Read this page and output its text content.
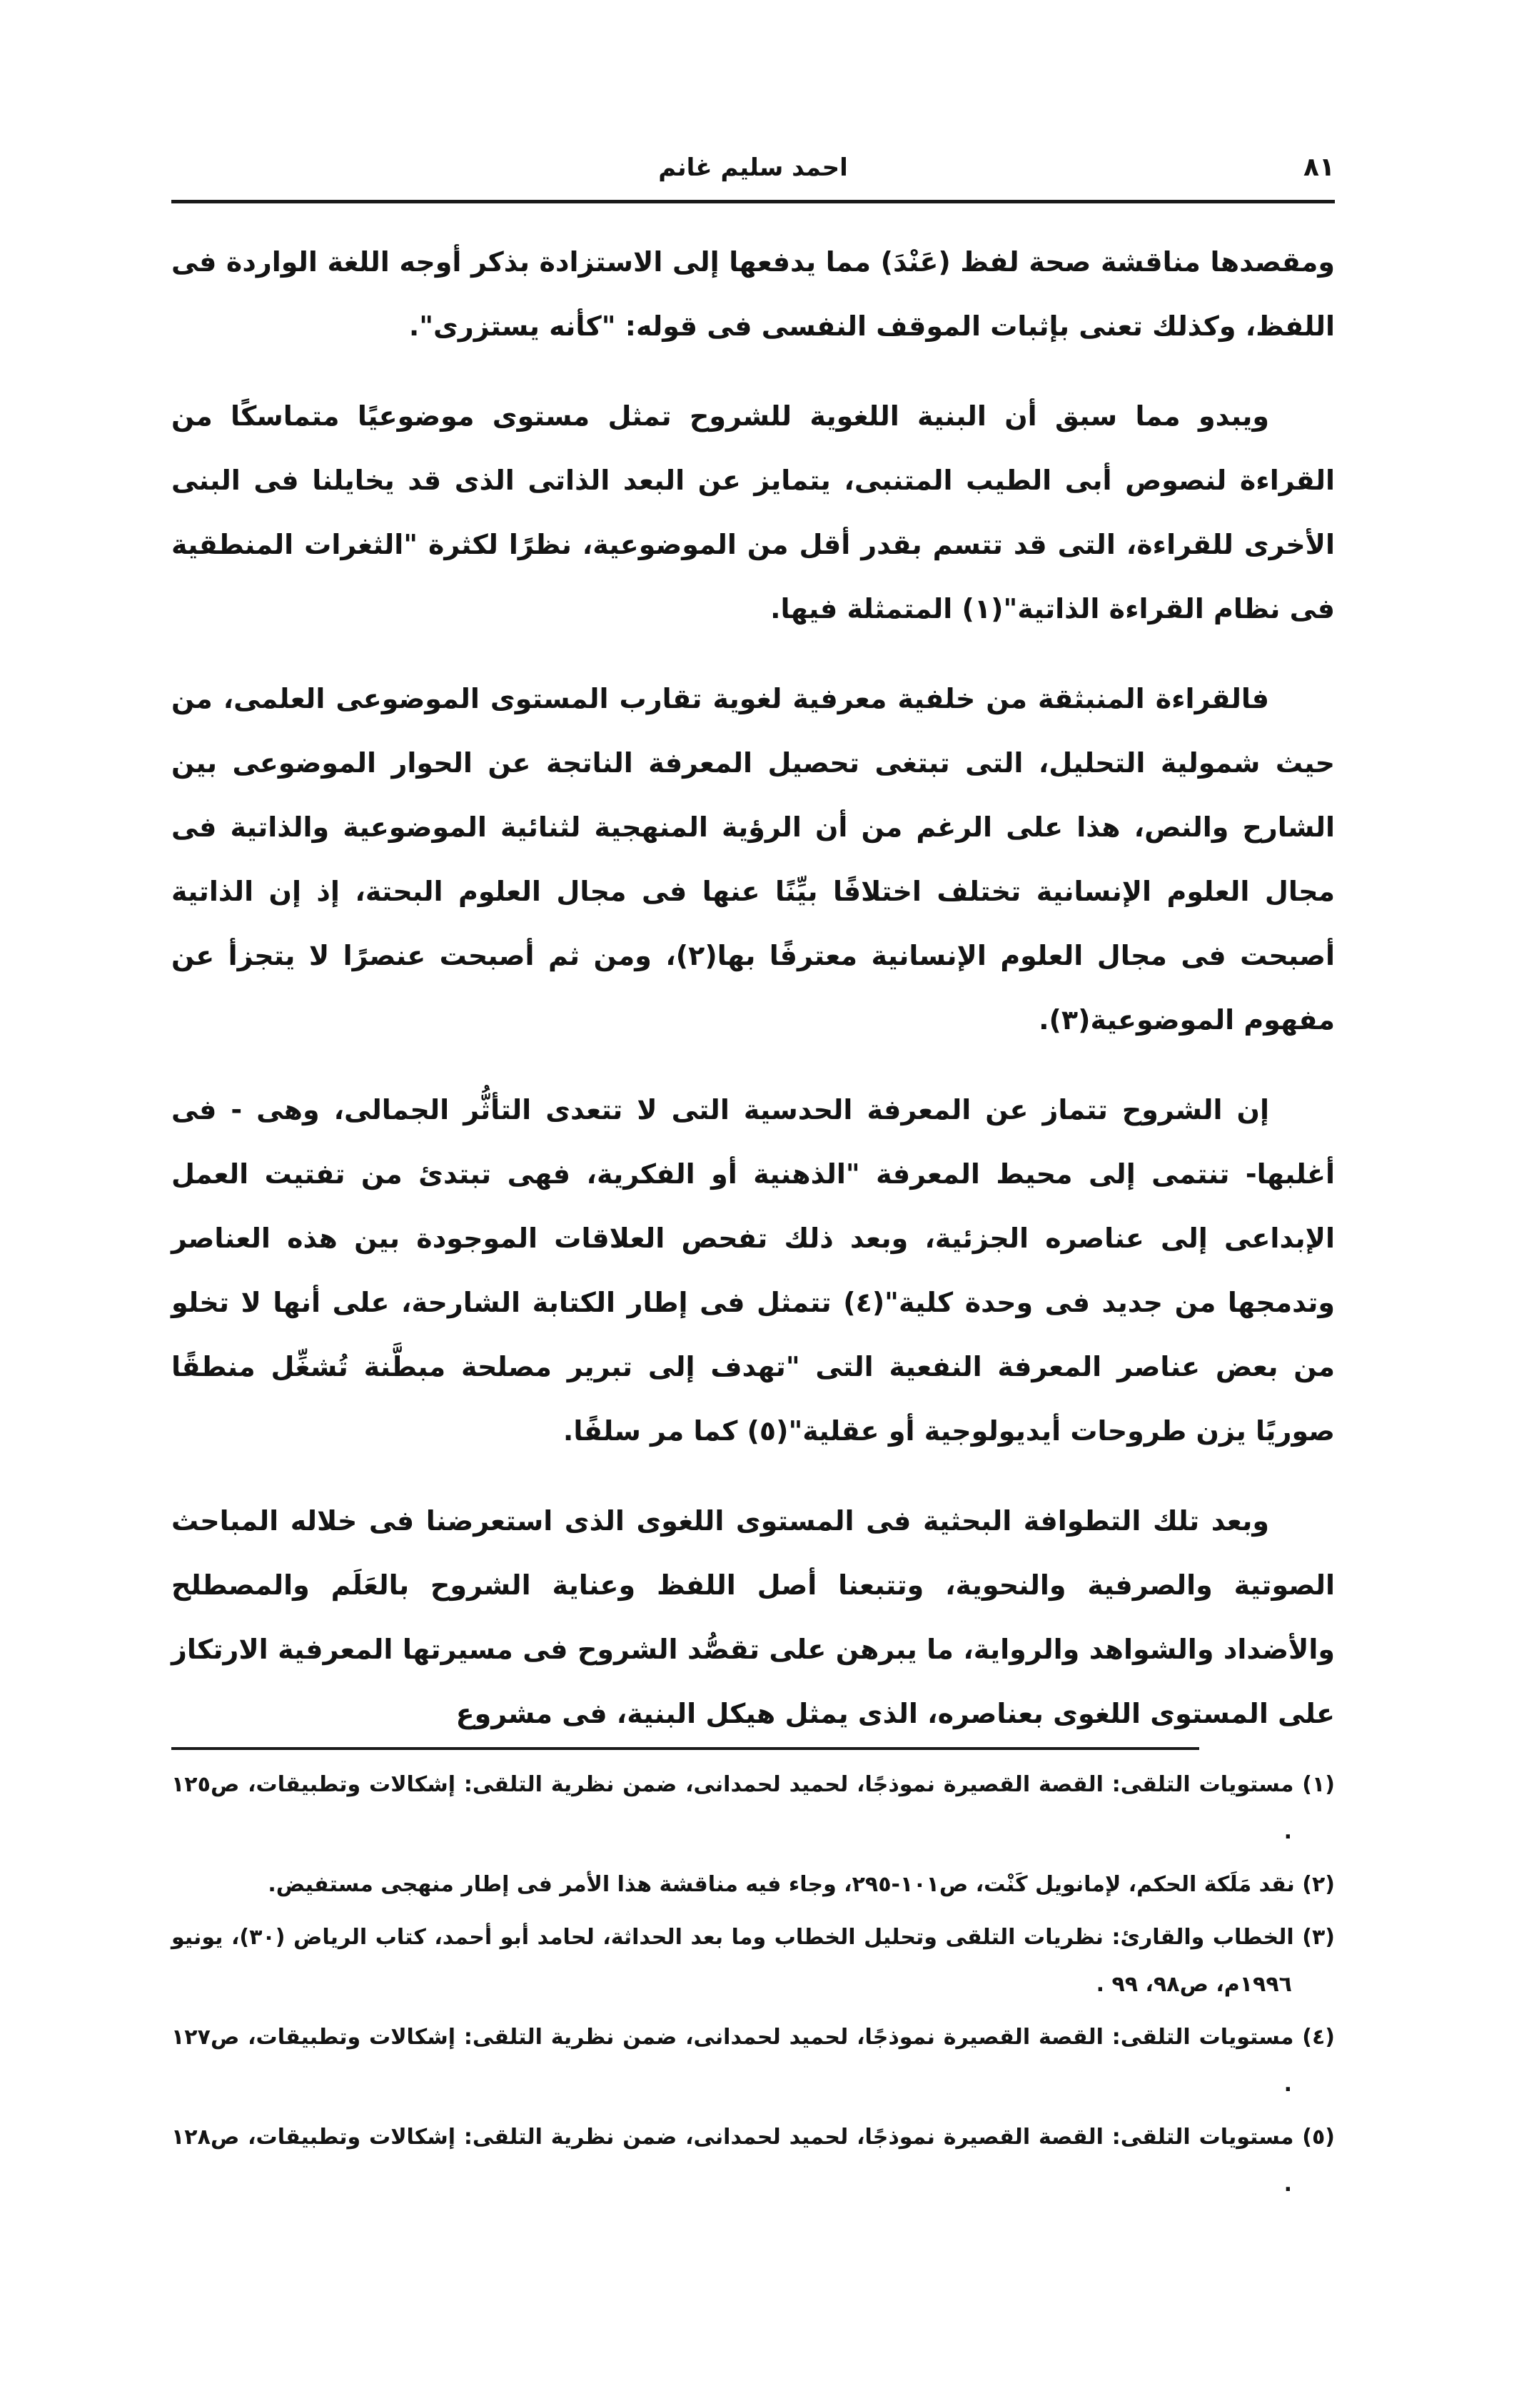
احمد سليم غانم	٨١

ومقصدها مناقشة صحة لفظ (عَنْدَ) مما يدفعها إلى الاستزادة بذكر أوجه اللغة الواردة فى اللفظ، وكذلك تعنى بإثبات الموقف النفسى فى قوله: "كأنه يستزرى".

ويبدو مما سبق أن البنية اللغوية للشروح تمثل مستوى موضوعيًا متماسكًا من القراءة لنصوص أبى الطيب المتنبى، يتمايز عن البعد الذاتى الذى قد يخايلنا فى البنى الأخرى للقراءة، التى قد تتسم بقدر أقل من الموضوعية، نظرًا لكثرة "الثغرات المنطقية فى نظام القراءة الذاتية"(١) المتمثلة فيها.

فالقراءة المنبثقة من خلفية معرفية لغوية تقارب المستوى الموضوعى العلمى، من حيث شمولية التحليل، التى تبتغى تحصيل المعرفة الناتجة عن الحوار الموضوعى بين الشارح والنص، هذا على الرغم من أن الرؤية المنهجية لثنائية الموضوعية والذاتية فى مجال العلوم الإنسانية تختلف اختلافًا بيِّنًا عنها فى مجال العلوم البحتة، إذ إن الذاتية أصبحت فى مجال العلوم الإنسانية معترفًا بها(٢)، ومن ثم أصبحت عنصرًا لا يتجزأ عن مفهوم الموضوعية(٣).

إن الشروح تتماز عن المعرفة الحدسية التى لا تتعدى التأثُّر الجمالى، وهى - فى أغلبها- تنتمى إلى محيط المعرفة "الذهنية أو الفكرية، فهى تبتدئ من تفتيت العمل الإبداعى إلى عناصره الجزئية، وبعد ذلك تفحص العلاقات الموجودة بين هذه العناصر وتدمجها من جديد فى وحدة كلية"(٤) تتمثل فى إطار الكتابة الشارحة، على أنها لا تخلو من بعض عناصر المعرفة النفعية التى "تهدف إلى تبرير مصلحة مبطَّنة تُشغِّل منطقًا صوريًا يزن طروحات أيديولوجية أو عقلية"(٥) كما مر سلفًا.

وبعد تلك التطوافة البحثية فى المستوى اللغوى الذى استعرضنا فى خلاله المباحث الصوتية والصرفية والنحوية، وتتبعنا أصل اللفظ وعناية الشروح بالعَلَم والمصطلح والأضداد والشواهد والرواية، ما يبرهن على تقصُّد الشروح فى مسيرتها المعرفية الارتكاز على المستوى اللغوى بعناصره، الذى يمثل هيكل البنية، فى مشروع

(١) مستويات التلقى: القصة القصيرة نموذجًا، لحميد لحمدانى، ضمن نظرية التلقى: إشكالات وتطبيقات، ص١٢٥ .

(٢) نقد مَلَكة الحكم، لإمانويل كَنْت، ص١٠١-٢٩٥، وجاء فيه مناقشة هذا الأمر فى إطار منهجى مستفيض.

(٣) الخطاب والقارئ: نظريات التلقى وتحليل الخطاب وما بعد الحداثة، لحامد أبو أحمد، كتاب الرياض (٣٠)، يونيو ١٩٩٦م، ص٩٨، ٩٩ .

(٤) مستويات التلقى: القصة القصيرة نموذجًا، لحميد لحمدانى، ضمن نظرية التلقى: إشكالات وتطبيقات، ص١٢٧ .

(٥) مستويات التلقى: القصة القصيرة نموذجًا، لحميد لحمدانى، ضمن نظرية التلقى: إشكالات وتطبيقات، ص١٢٨ .
